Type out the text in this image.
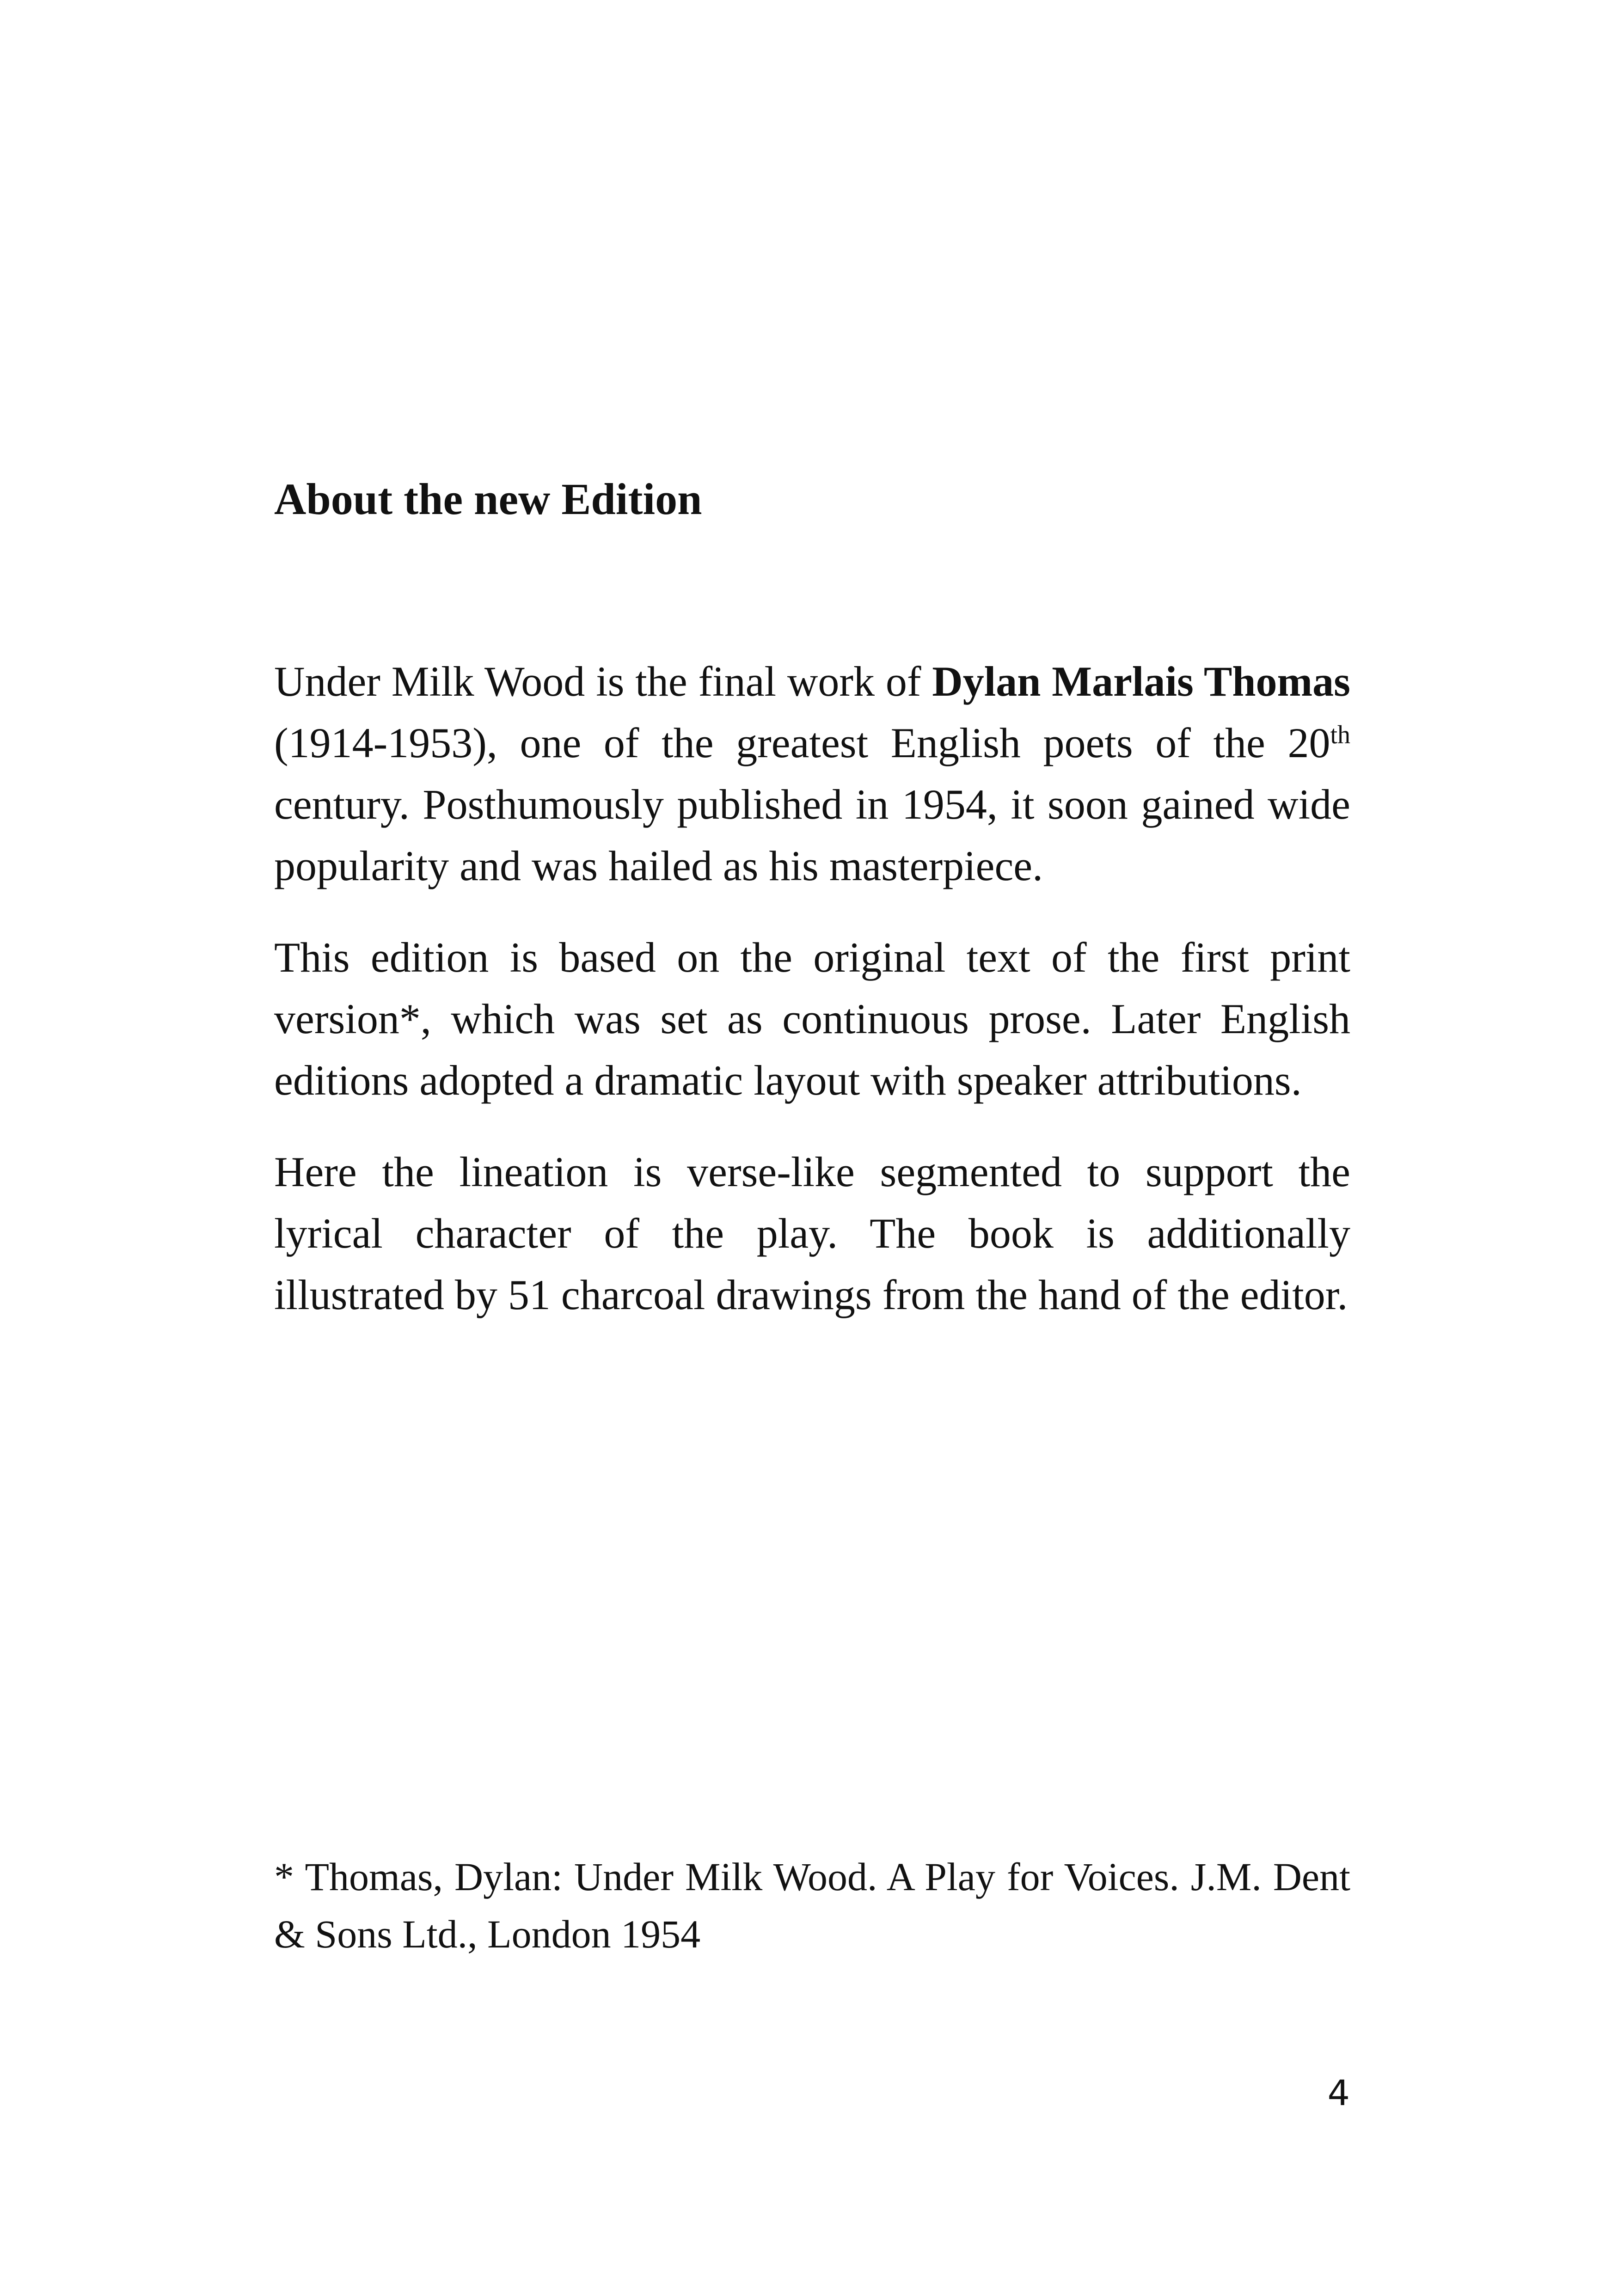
About the new Edition

Under Milk Wood is the final work of Dylan Marlais Thomas (1914-1953), one of the greatest English poets of the 20th century. Posthumously published in 1954, it soon gained wide popularity and was hailed as his masterpiece.

This edition is based on the original text of the first print version*, which was set as continuous prose. Later English editions adopted a dramatic layout with speaker attributions.

Here the lineation is verse-like segmented to support the lyrical character of the play. The book is additionally illustrated by 51 charcoal drawings from the hand of the editor.

* Thomas, Dylan: Under Milk Wood. A Play for Voices. J.M. Dent & Sons Ltd., London 1954

4
